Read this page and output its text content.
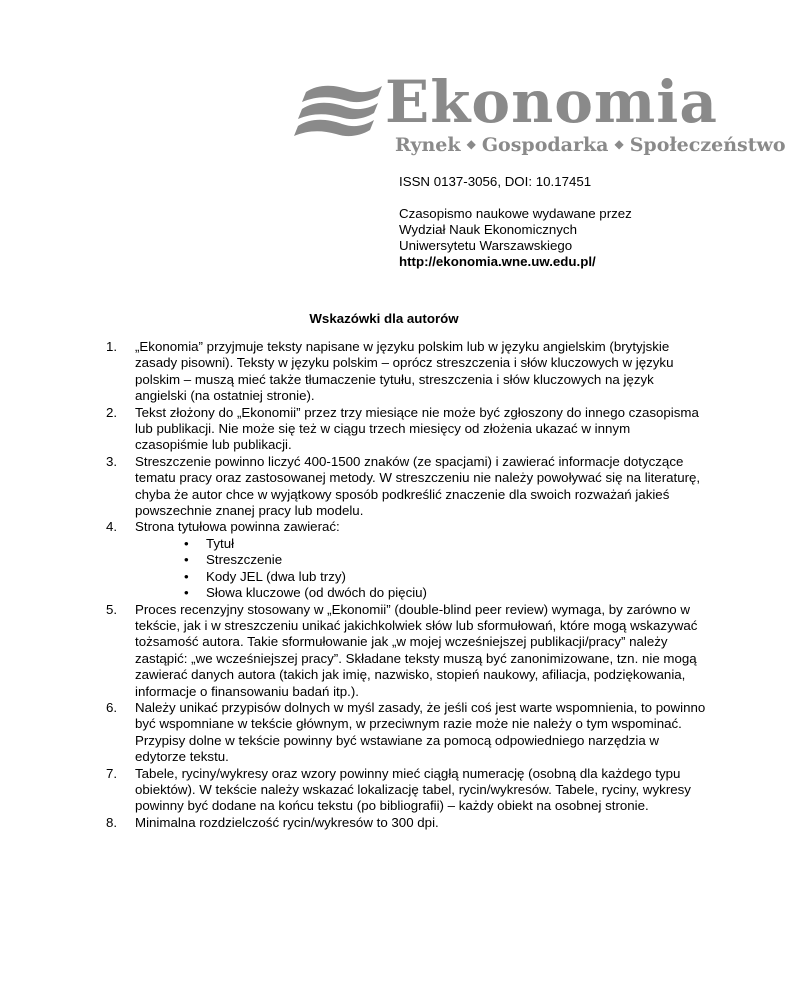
Ekonomia
Rynek ◆ Gospodarka ◆ Społeczeństwo

ISSN 0137-3056, DOI: 10.17451

Czasopismo naukowe wydawane przez

Wydział Nauk Ekonomicznych

Uniwersytetu Warszawskiego

http://ekonomia.wne.uw.edu.pl/

Wskazówki dla autorów
1. „Ekonomia” przyjmuje teksty napisane w języku polskim lub w języku angielskim (brytyjskie zasady pisowni). Teksty w języku polskim – oprócz streszczenia i słów kluczowych w języku polskim – muszą mieć także tłumaczenie tytułu, streszczenia i słów kluczowych na język angielski (na ostatniej stronie).
2. Tekst złożony do „Ekonomii” przez trzy miesiące nie może być zgłoszony do innego czasopisma lub publikacji. Nie może się też w ciągu trzech miesięcy od złożenia ukazać w innym czasopiśmie lub publikacji.
3. Streszczenie powinno liczyć 400-1500 znaków (ze spacjami) i zawierać informacje dotyczące tematu pracy oraz zastosowanej metody. W streszczeniu nie należy powoływać się na literaturę, chyba że autor chce w wyjątkowy sposób podkreślić znaczenie dla swoich rozważań jakieś powszechnie znanej pracy lub modelu.
4. Strona tytułowa powinna zawierać:
• Tytuł
• Streszczenie
• Kody JEL (dwa lub trzy)
• Słowa kluczowe (od dwóch do pięciu)
5. Proces recenzyjny stosowany w „Ekonomii” (double-blind peer review) wymaga, by zarówno w tekście, jak i w streszczeniu unikać jakichkolwiek słów lub sformułowań, które mogą wskazywać tożsamość autora. Takie sformułowanie jak „w mojej wcześniejszej publikacji/pracy” należy zastąpić: „we wcześniejszej pracy”. Składane teksty muszą być zanonimizowane, tzn. nie mogą zawierać danych autora (takich jak imię, nazwisko, stopień naukowy, afiliacja, podziękowania, informacje o finansowaniu badań itp.).
6. Należy unikać przypisów dolnych w myśl zasady, że jeśli coś jest warte wspomnienia, to powinno być wspomniane w tekście głównym, w przeciwnym razie może nie należy o tym wspominać. Przypisy dolne w tekście powinny być wstawiane za pomocą odpowiedniego narzędzia w edytorze tekstu.
7. Tabele, ryciny/wykresy oraz wzory powinny mieć ciągłą numerację (osobną dla każdego typu obiektów). W tekście należy wskazać lokalizację tabel, rycin/wykresów. Tabele, ryciny, wykresy powinny być dodane na końcu tekstu (po bibliografii) – każdy obiekt na osobnej stronie.
8. Minimalna rozdzielczość rycin/wykresów to 300 dpi.
